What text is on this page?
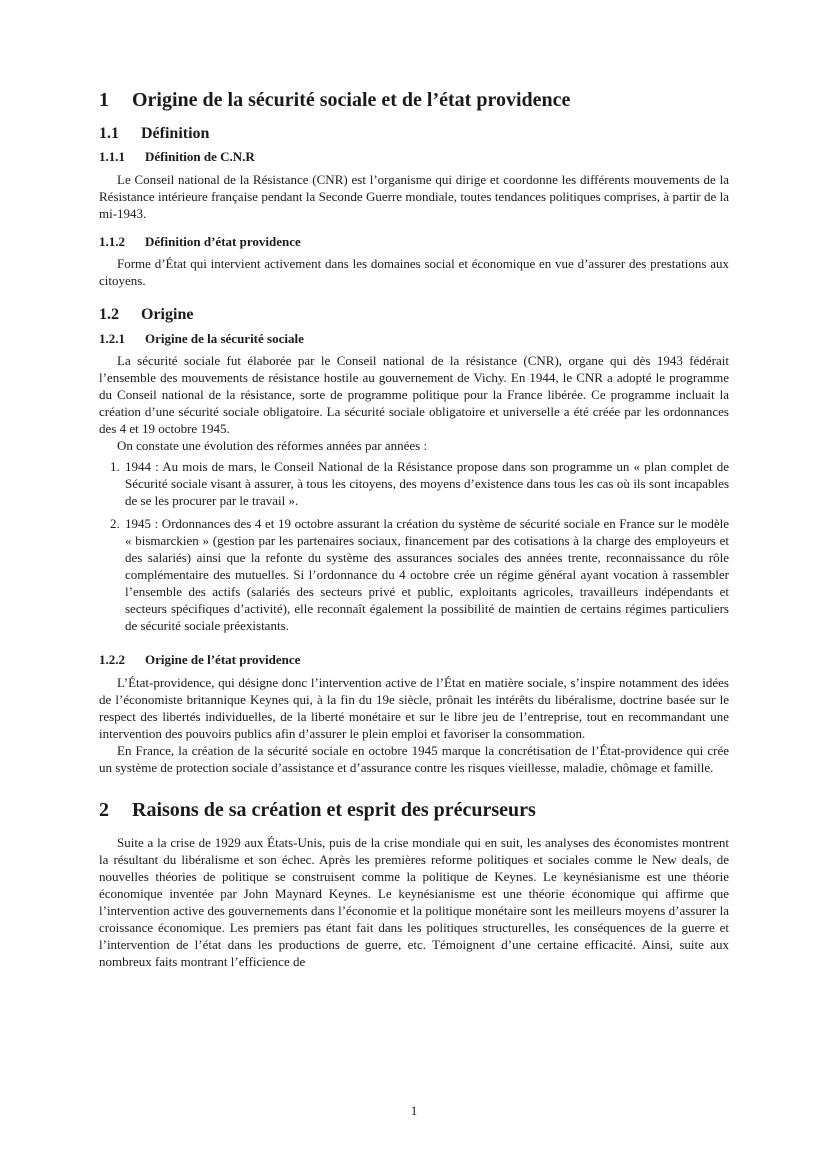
1 Origine de la sécurité sociale et de l’état providence
1.1 Définition
1.1.1 Définition de C.N.R

Le Conseil national de la Résistance (CNR) est l’organisme qui dirige et coordonne les différents mouvements de la Résistance intérieure française pendant la Seconde Guerre mondiale, toutes tendances politiques comprises, à partir de la mi-1943.

1.1.2 Définition d’état providence

Forme d’État qui intervient activement dans les domaines social et économique en vue d’assurer des prestations aux citoyens.

1.2 Origine
1.2.1 Origine de la sécurité sociale

La sécurité sociale fut élaborée par le Conseil national de la résistance (CNR), organe qui dès 1943 fédérait l’ensemble des mouvements de résistance hostile au gouvernement de Vichy. En 1944, le CNR a adopté le programme du Conseil national de la résistance, sorte de programme politique pour la France libérée. Ce programme incluait la création d’une sécurité sociale obligatoire. La sécurité sociale obligatoire et universelle a été créée par les ordonnances des 4 et 19 octobre 1945.

On constate une évolution des réformes années par années :

1. 1944 : Au mois de mars, le Conseil National de la Résistance propose dans son programme un « plan complet de Sécurité sociale visant à assurer, à tous les citoyens, des moyens d’existence dans tous les cas où ils sont incapables de se les procurer par le travail ».
2. 1945 : Ordonnances des 4 et 19 octobre assurant la création du système de sécurité sociale en France sur le modèle « bismarckien » (gestion par les partenaires sociaux, financement par des cotisations à la charge des employeurs et des salariés) ainsi que la refonte du système des assurances sociales des années trente, reconnaissance du rôle complémentaire des mutuelles. Si l’ordonnance du 4 octobre crée un régime général ayant vocation à rassembler l’ensemble des actifs (salariés des secteurs privé et public, exploitants agricoles, travailleurs indépendants et secteurs spécifiques d’activité), elle reconnaît également la possibilité de maintien de certains régimes particuliers de sécurité sociale préexistants.
1.2.2 Origine de l’état providence

L’État-providence, qui désigne donc l’intervention active de l’État en matière sociale, s’inspire notamment des idées de l’économiste britannique Keynes qui, à la fin du 19e siècle, prônait les intérêts du libéralisme, doctrine basée sur le respect des libertés individuelles, de la liberté monétaire et sur le libre jeu de l’entreprise, tout en recommandant une intervention des pouvoirs publics afin d’assurer le plein emploi et favoriser la consommation.

En France, la création de la sécurité sociale en octobre 1945 marque la concrétisation de l’État-providence qui crée un système de protection sociale d’assistance et d’assurance contre les risques vieillesse, maladie, chômage et famille.

2 Raisons de sa création et esprit des précurseurs

Suite a la crise de 1929 aux États-Unis, puis de la crise mondiale qui en suit, les analyses des économistes montrent la résultant du libéralisme et son échec. Après les premières reforme politiques et sociales comme le New deals, de nouvelles théories de politique se construisent comme la politique de Keynes. Le keynésianisme est une théorie économique inventée par John Maynard Keynes. Le keynésianisme est une théorie économique qui affirme que l’intervention active des gouvernements dans l’économie et la politique monétaire sont les meilleurs moyens d’assurer la croissance économique. Les premiers pas étant fait dans les politiques structurelles, les conséquences de la guerre et l’intervention de l’état dans les productions de guerre, etc. Témoignent d’une certaine efficacité. Ainsi, suite aux nombreux faits montrant l’efficience de

1
